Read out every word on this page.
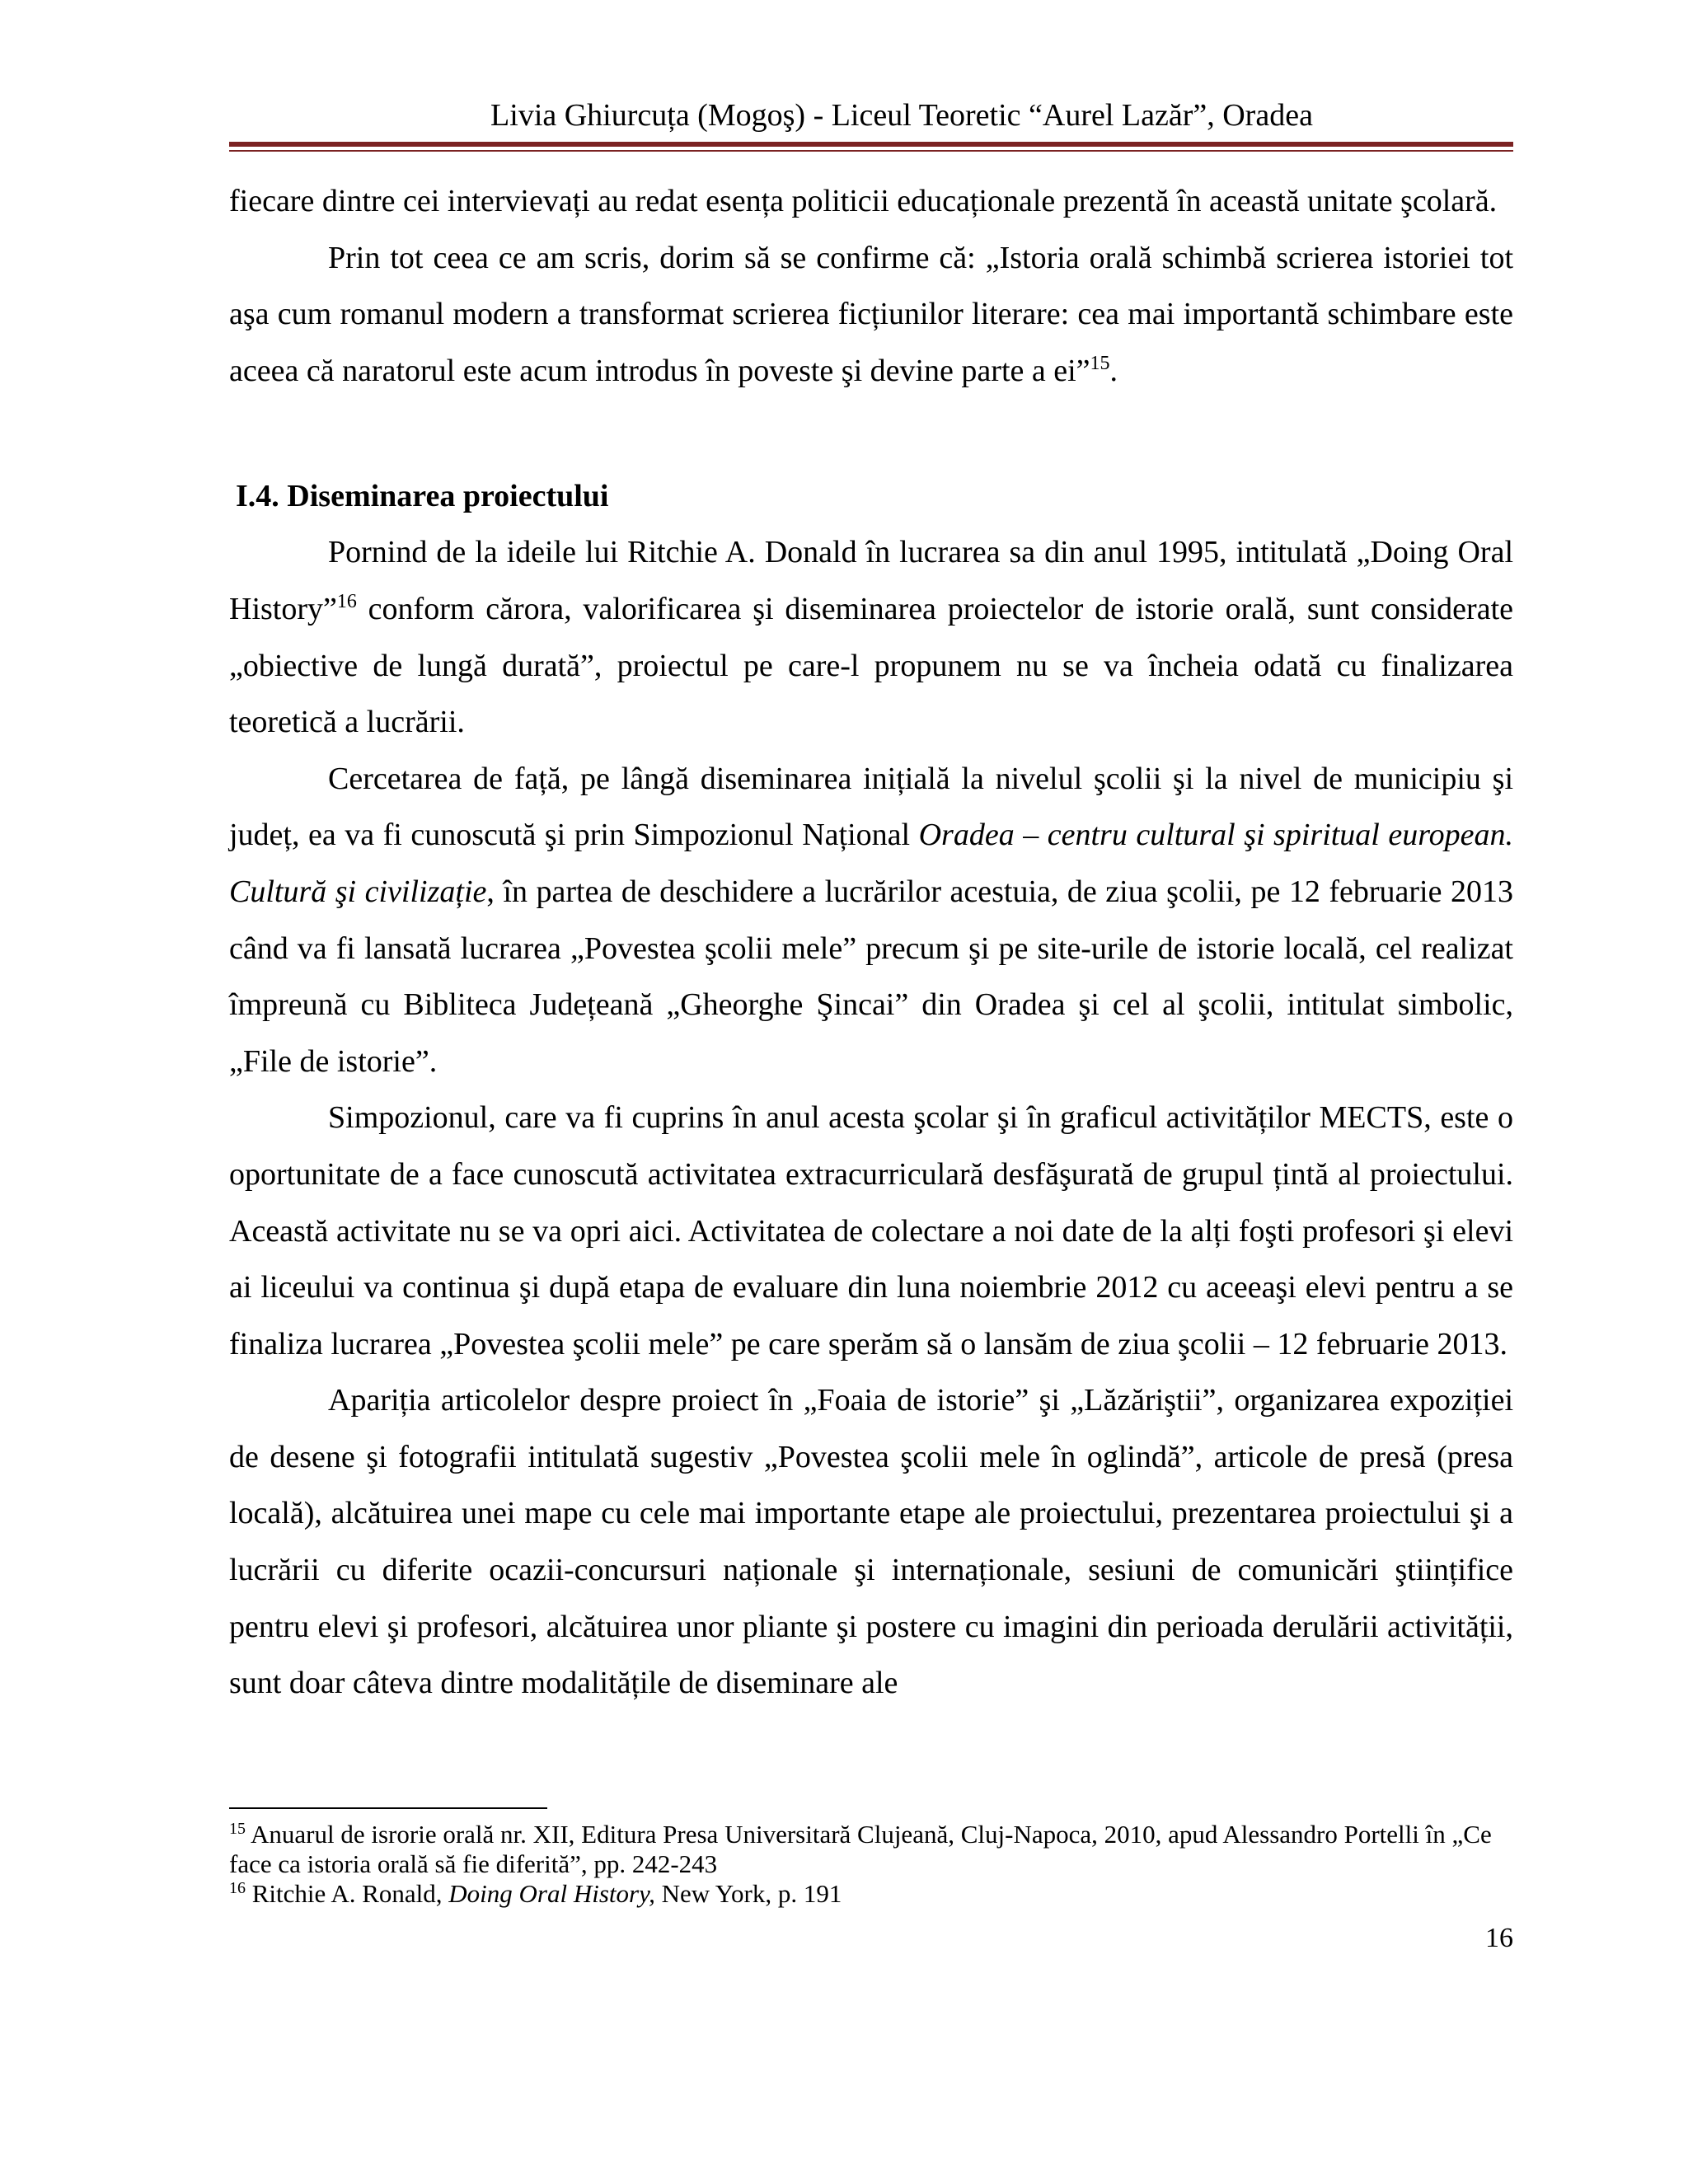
Livia Ghiurcuța (Mogoş) - Liceul Teoretic “Aurel Lazăr”, Oradea

fiecare dintre cei intervievați au redat esența politicii educaționale prezentă în această unitate şcolară.

Prin tot ceea ce am scris, dorim să se confirme că: „Istoria orală schimbă scrierea istoriei tot aşa cum romanul modern a transformat scrierea ficțiunilor literare: cea mai importantă schimbare este aceea că naratorul este acum introdus în poveste şi devine parte a ei”$^{15}$.

I.4. Diseminarea proiectului

Pornind de la ideile lui Ritchie A. Donald în lucrarea sa din anul 1995, intitulată „Doing Oral History”$^{16}$ conform cărora, valorificarea şi diseminarea proiectelor de istorie orală, sunt considerate „obiective de lungă durată”, proiectul pe care-l propunem nu se va încheia odată cu finalizarea teoretică a lucrării.

Cercetarea de față, pe lângă diseminarea inițială la nivelul şcolii şi la nivel de municipiu şi județ, ea va fi cunoscută şi prin Simpozionul Național Oradea – centru cultural şi spiritual european. Cultură şi civilizație, în partea de deschidere a lucrărilor acestuia, de ziua şcolii, pe 12 februarie 2013 când va fi lansată lucrarea „Povestea şcolii mele” precum şi pe site-urile de istorie locală, cel realizat împreună cu Bibliteca Județeană „Gheorghe Şincai” din Oradea şi cel al şcolii, intitulat simbolic, „File de istorie”.

Simpozionul, care va fi cuprins în anul acesta şcolar şi în graficul activităților MECTS, este o oportunitate de a face cunoscută activitatea extracurriculară desfăşurată de grupul țintă al proiectului. Această activitate nu se va opri aici. Activitatea de colectare a noi date de la alți foşti profesori şi elevi ai liceului va continua şi după etapa de evaluare din luna noiembrie 2012 cu aceeaşi elevi pentru a se finaliza lucrarea „Povestea şcolii mele” pe care sperăm să o lansăm de ziua şcolii – 12 februarie 2013.

Apariția articolelor despre proiect în „Foaia de istorie” şi „Lăzăriştii”, organizarea expoziției de desene şi fotografii intitulată sugestiv „Povestea şcolii mele în oglindă”, articole de presă (presa locală), alcătuirea unei mape cu cele mai importante etape ale proiectului, prezentarea proiectului şi a lucrării cu diferite ocazii-concursuri naționale şi internaționale, sesiuni de comunicări ştiințifice pentru elevi şi profesori, alcătuirea unor pliante şi postere cu imagini din perioada derulării activității, sunt doar câteva dintre modalitățile de diseminare ale

$^{15}$ Anuarul de isrorie orală nr. XII, Editura Presa Universitară Clujeană, Cluj-Napoca, 2010, apud Alessandro Portelli în „Ce face ca istoria orală să fie diferită”, pp. 242-243
$^{16}$ Ritchie A. Ronald, Doing Oral History, New York, p. 191
16
